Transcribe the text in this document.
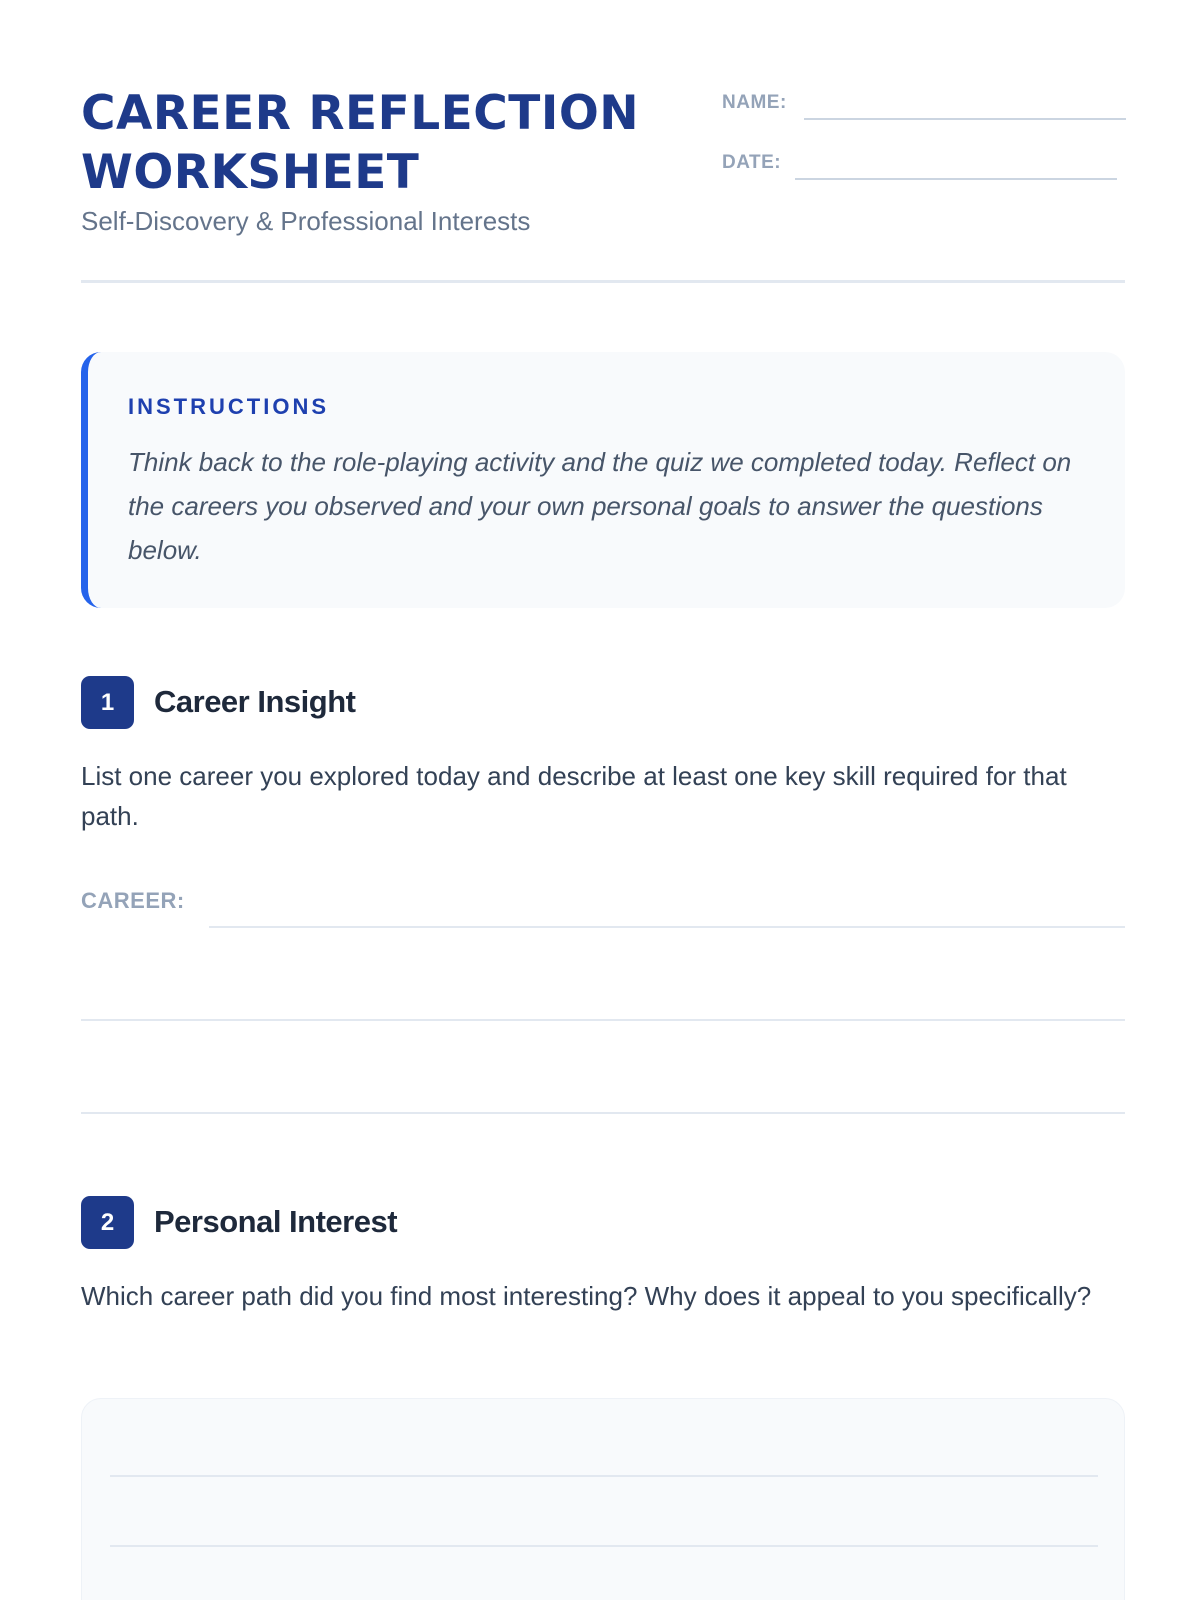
CAREER REFLECTION WORKSHEET
Self-Discovery & Professional Interests
NAME:
DATE:
INSTRUCTIONS

Think back to the role-playing activity and the quiz we completed today. Reflect on the careers you observed and your own personal goals to answer the questions below.

1	Career Insight

List one career you explored today and describe at least one key skill required for that path.

CAREER:
2	Personal Interest

Which career path did you find most interesting? Why does it appeal to you specifically?
